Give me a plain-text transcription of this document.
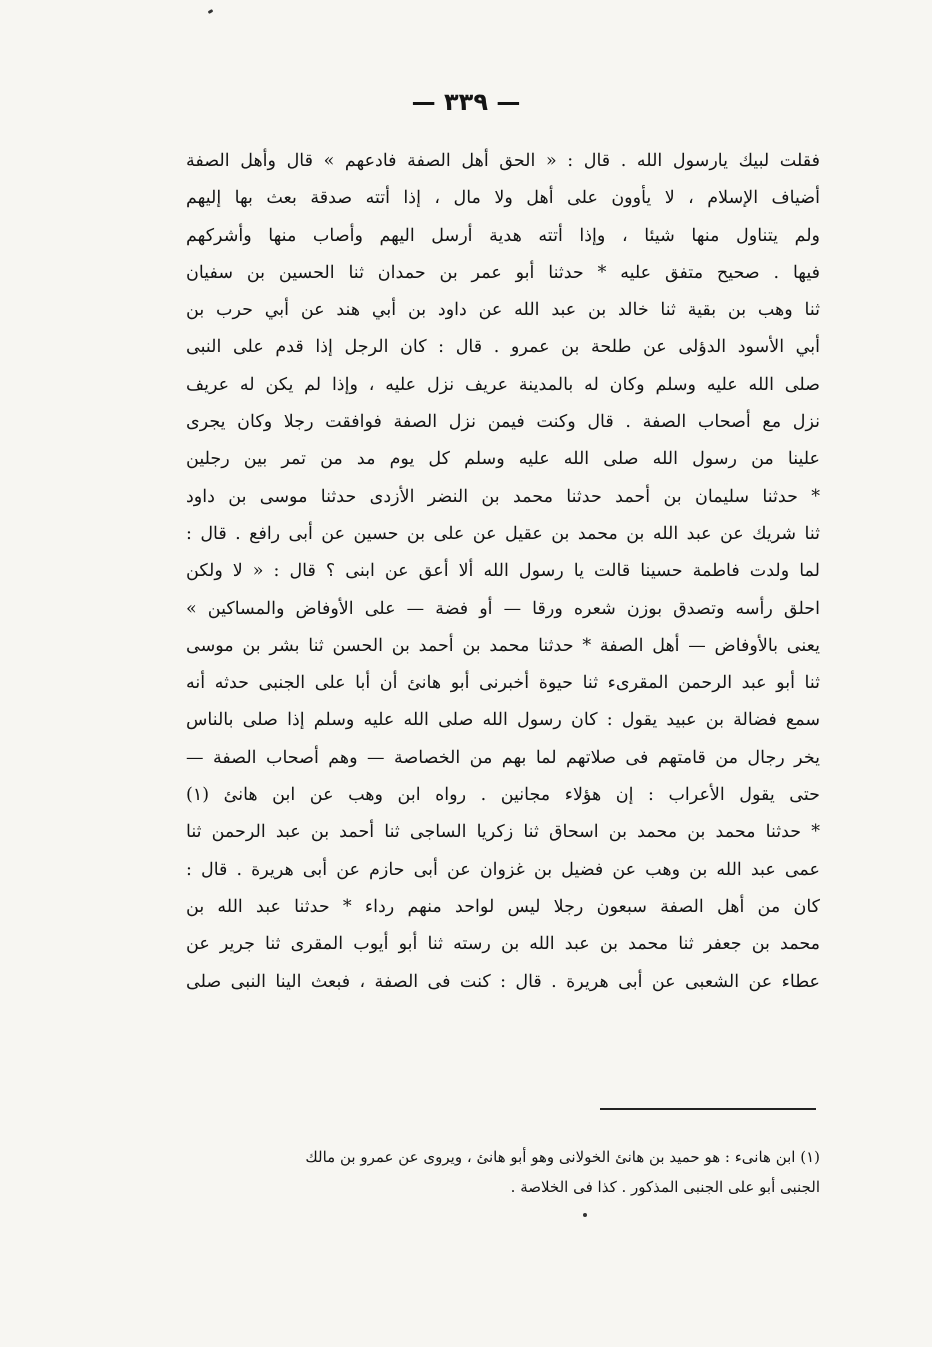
— ٣٣٩ —
فقلت لبيك يارسول الله . قال : « الحق أهل الصفة فادعهم » قال وأهل الصفة
أضياف الإسلام ، لا يأوون على أهل ولا مال ، إذا أتته صدقة بعث بها إليهم
ولم يتناول منها شيئا ، وإذا أتته هدية أرسل اليهم وأصاب منها وأشركهم
فيها . صحيح متفق عليه * حدثنا أبو عمر بن حمدان ثنا الحسين بن سفيان
ثنا وهب بن بقية ثنا خالد بن عبد الله عن داود بن أبي هند عن أبي حرب بن
أبي الأسود الدؤلى عن طلحة بن عمرو . قال : كان الرجل إذا قدم على النبى
صلى الله عليه وسلم وكان له بالمدينة عريف نزل عليه ، وإذا لم يكن له عريف
نزل مع أصحاب الصفة . قال وكنت فيمن نزل الصفة فوافقت رجلا وكان يجرى
علينا من رسول الله صلى الله عليه وسلم كل يوم مد من تمر بين رجلين
* حدثنا سليمان بن أحمد حدثنا محمد بن النضر الأزدى حدثنا موسى بن داود
ثنا شريك عن عبد الله بن محمد بن عقيل عن على بن حسين عن أبى رافع . قال :
لما ولدت فاطمة حسينا قالت يا رسول الله ألا أعق عن ابنى ؟ قال : « لا ولكن
احلق رأسه وتصدق بوزن شعره ورقا — أو فضة — على الأوفاض والمساكين »
يعنى بالأوفاض — أهل الصفة * حدثنا محمد بن أحمد بن الحسن ثنا بشر بن موسى
ثنا أبو عبد الرحمن المقرىء ثنا حيوة أخبرنى أبو هانئ أن أبا على الجنبى حدثه أنه
سمع فضالة بن عبيد يقول : كان رسول الله صلى الله عليه وسلم إذا صلى بالناس
يخر رجال من قامتهم فى صلاتهم لما بهم من الخصاصة — وهم أصحاب الصفة —
حتى يقول الأعراب : إن هؤلاء مجانين . رواه ابن وهب عن ابن هانئ (١)
* حدثنا محمد بن محمد بن اسحاق ثنا زكريا الساجى ثنا أحمد بن عبد الرحمن ثنا
عمى عبد الله بن وهب عن فضيل بن غزوان عن أبى حازم عن أبى هريرة . قال :
كان من أهل الصفة سبعون رجلا ليس لواحد منهم رداء * حدثنا عبد الله بن
محمد بن جعفر ثنا محمد بن عبد الله بن رسته ثنا أبو أيوب المقرى ثنا جرير عن
عطاء عن الشعبى عن أبى هريرة . قال : كنت فى الصفة ، فبعث الينا النبى صلى
(١) ابن هانىء : هو حميد بن هانئ الخولانى وهو أبو هانئ ، ويروى عن عمرو بن مالك
الجنبى أبو على الجنبى المذكور . كذا فى الخلاصة .
